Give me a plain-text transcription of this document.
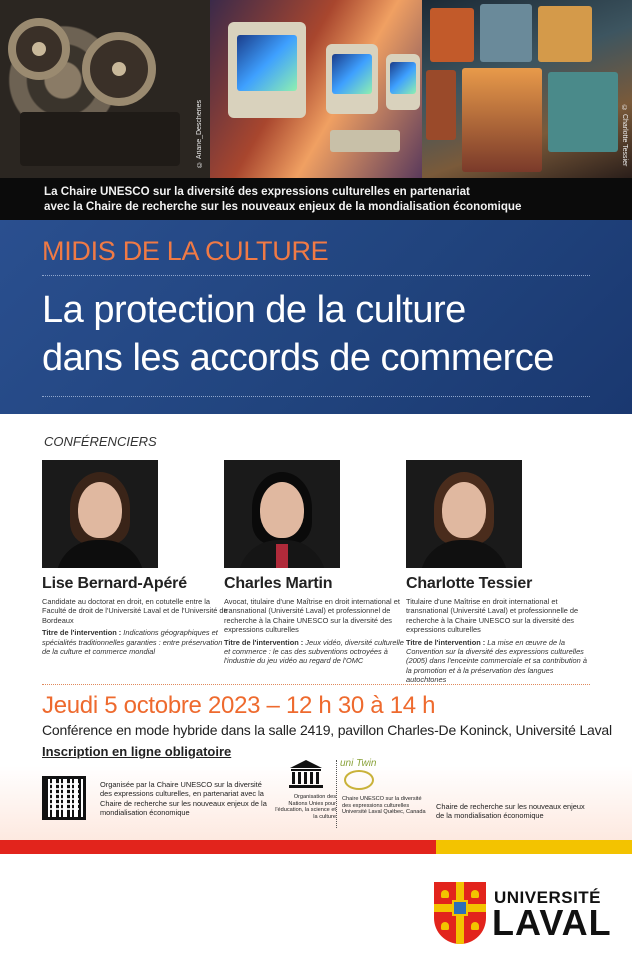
© Ariane_Descheries	© Charlotte Tessier
La Chaire UNESCO sur la diversité des expressions culturelles en partenariat
avec la Chaire de recherche sur les nouveaux enjeux de la mondialisation économique
MIDIS DE LA CULTURE
La protection de la culture
dans les accords de commerce
CONFÉRENCIERS
Lise Bernard-Apéré
Candidate au doctorat en droit, en cotutelle entre la Faculté de droit de l'Université Laval et de l'Université de Bordeaux
Titre de l'intervention : Indications géographiques et spécialités traditionnelles garanties : entre préservation de la culture et commerce mondial
Charles Martin
Avocat, titulaire d'une Maîtrise en droit international et transnational (Université Laval) et professionnel de recherche à la Chaire UNESCO sur la diversité des expressions culturelles
Titre de l'intervention : Jeux vidéo, diversité culturelle et commerce : le cas des subventions octroyées à l'industrie du jeu vidéo au regard de l'OMC
Charlotte Tessier
Titulaire d'une Maîtrise en droit international et transnational (Université Laval) et professionnelle de recherche à la Chaire UNESCO sur la diversité des expressions culturelles
Titre de l'intervention : La mise en œuvre de la Convention sur la diversité des expressions culturelles (2005) dans l'enceinte commerciale et sa contribution à la promotion et à la préservation des langues autochtones
Jeudi 5 octobre 2023 – 12 h 30 à 14 h
Conférence en mode hybride dans la salle 2419, pavillon Charles-De Koninck, Université Laval
Inscription en ligne obligatoire
Organisée par la Chaire UNESCO sur la diversité des expressions culturelles, en partenariat avec la Chaire de recherche sur les nouveaux enjeux de la mondialisation économique
Organisation des Nations Unies pour l'éducation, la science et la culture
uni Twin
Chaire UNESCO sur la diversité des expressions culturelles Université Laval Québec, Canada
Chaire de recherche sur les nouveaux enjeux de la mondialisation économique
UNIVERSITÉ
LAVAL
